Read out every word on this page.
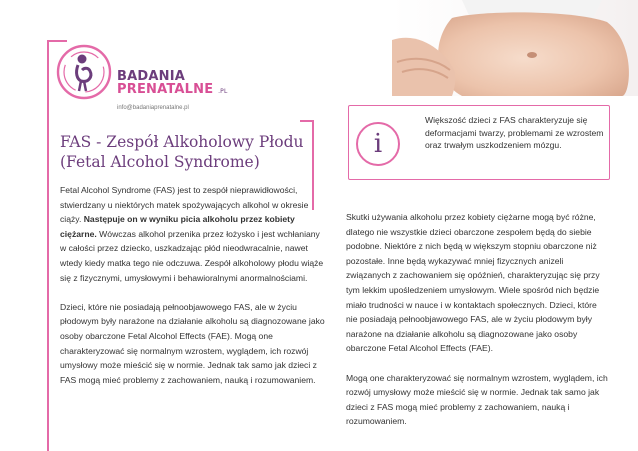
BADANIA
PRENATALNE .PL
info@badaniaprenatalne.pl
FAS - Zespół Alkoholowy Płodu
(Fetal Alcohol Syndrome)
i
Większość dzieci z FAS charakteryzuje się deformacjami twarzy, problemami ze wzrostem oraz trwałym uszkodzeniem mózgu.

Fetal Alcohol Syndrome (FAS) jest to zespół nieprawidłowości, stwierdzany u niektórych matek spożywających alkohol w okresie ciąży. Następuje on w wyniku picia alkoholu przez kobiety ciężarne. Wówczas alkohol przenika przez łożysko i jest wchłaniany w całości przez dziecko, uszkadzając płód nieodwracalnie, nawet wtedy kiedy matka tego nie odczuwa. Zespół alkoholowy płodu wiąże się z fizycznymi, umysłowymi i behawioralnymi anormalnościami.

Dzieci, które nie posiadają pełnoobjawowego FAS, ale w życiu płodowym były narażone na działanie alkoholu są diagnozowane jako osoby obarczone Fetal Alcohol Effects (FAE). Mogą one charakteryzować się normalnym wzrostem, wyglądem, ich rozwój umysłowy może mieścić się w normie. Jednak tak samo jak dzieci z FAS mogą mieć problemy z zachowaniem, nauką i rozumowaniem.

Skutki używania alkoholu przez kobiety ciężarne mogą być różne, dlatego nie wszystkie dzieci obarczone zespołem będą do siebie podobne. Niektóre z nich będą w większym stopniu obarczone niż pozostałe. Inne będą wykazywać mniej fizycznych anizeli związanych z zachowaniem się opóźnień, charakteryzując się przy tym lekkim upośledzeniem umysłowym. Wiele spośród nich będzie miało trudności w nauce i w kontaktach społecznych. Dzieci, które nie posiadają pełnoobjawowego FAS, ale w życiu płodowym były narażone na działanie alkoholu są diagnozowane jako osoby obarczone Fetal Alcohol Effects (FAE).

Mogą one charakteryzować się normalnym wzrostem, wyglądem, ich rozwój umysłowy może mieścić się w normie. Jednak tak samo jak dzieci z FAS mogą mieć problemy z zachowaniem, nauką i rozumowaniem.
